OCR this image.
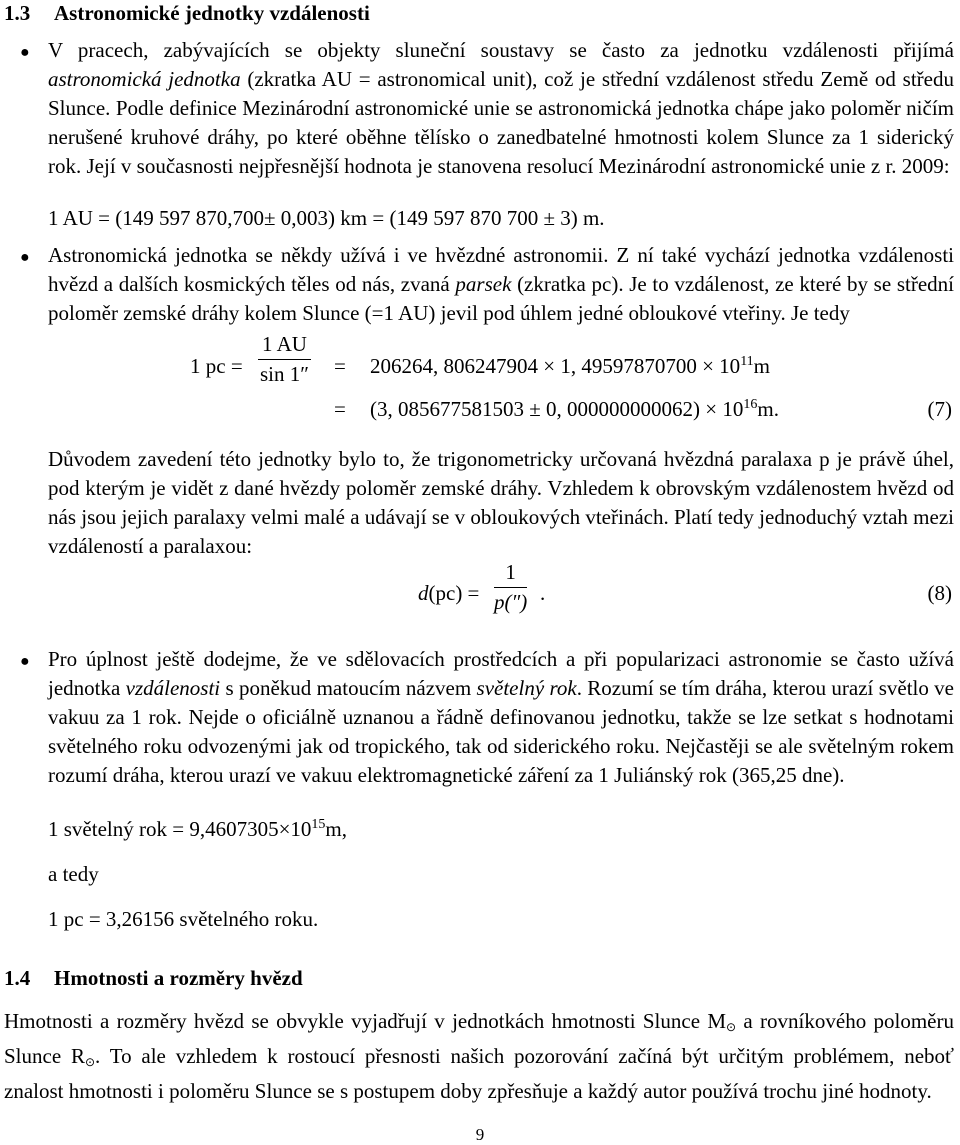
1.3 Astronomické jednotky vzdálenosti
● V pracech, zabývajících se objekty sluneční soustavy se často za jednotku vzdálenosti přijímá astronomická jednotka (zkratka AU = astronomical unit), což je střední vzdálenost středu Země od středu Slunce. Podle definice Mezinárodní astronomické unie se astronomická jednotka chápe jako poloměr ničím nerušené kruhové dráhy, po které oběhne tělísko o zanedbatelné hmotnosti kolem Slunce za 1 siderický rok. Její v současnosti nejpřesnější hodnota je stanovena resolucí Mezinárodní astronomické unie z r. 2009:

1 AU = (149 597 870,700± 0,003) km = (149 597 870 700 ± 3) m.

● Astronomická jednotka se někdy užívá i ve hvězdné astronomii. Z ní také vychází jednotka vzdálenosti hvězd a dalších kosmických těles od nás, zvaná parsek (zkratka pc). Je to vzdálenost, ze které by se střední poloměr zemské dráhy kolem Slunce (=1 AU) jevil pod úhlem jedné obloukové vteřiny. Je tedy

1 pc = $\frac{1 AU}{\sin 1''} = 206264$, 806247904 × 1, $49597870700 \times 10^{11}m$
= (3, 085677581503 ± 0, $000000000062) \times 10^{16}m$.	(7)

Důvodem zavedení této jednotky bylo to, že trigonometricky určovaná hvězdná paralaxa p je právě úhel, pod kterým je vidět z dané hvězdy poloměr zemské dráhy. Vzhledem k obrovským vzdálenostem hvězd od nás jsou jejich paralaxy velmi malé a udávají se v obloukových vteřinách. Platí tedy jednoduchý vztah mezi vzdáleností a paralaxou:

$d(pc) = \frac{1}{p('')}$ .	(8)
● Pro úplnost ještě dodejme, že ve sdělovacích prostředcích a při popularizaci astronomie se často užívá jednotka vzdálenosti s poněkud matoucím názvem světelný rok. Rozumí se tím dráha, kterou urazí světlo ve vakuu za 1 rok. Nejde o oficiálně uznanou a řádně definovanou jednotku, takže se lze setkat s hodnotami světelného roku odvozenými jak od tropického, tak od siderického roku. Nejčastěji se ale světelným rokem rozumí dráha, kterou urazí ve vakuu elektromagnetické záření za 1 Juliánský rok (365,25 dne).

1 světelný rok = $9,4607305\times 10^{15}m$,

a tedy

1 pc = 3,26156 světelného roku.

1.4 Hmotnosti a rozměry hvězd

Hmotnosti a rozměry hvězd se obvykle vyjadřují v jednotkách hmotnosti Slunce M⊙ a rovníkového poloměru Slunce R⊙. To ale vzhledem k rostoucí přesnosti našich pozorování začíná být určitým problémem, neboť znalost hmotnosti i poloměru Slunce se s postupem doby zpřesňuje a každý autor používá trochu jiné hodnoty.

9
